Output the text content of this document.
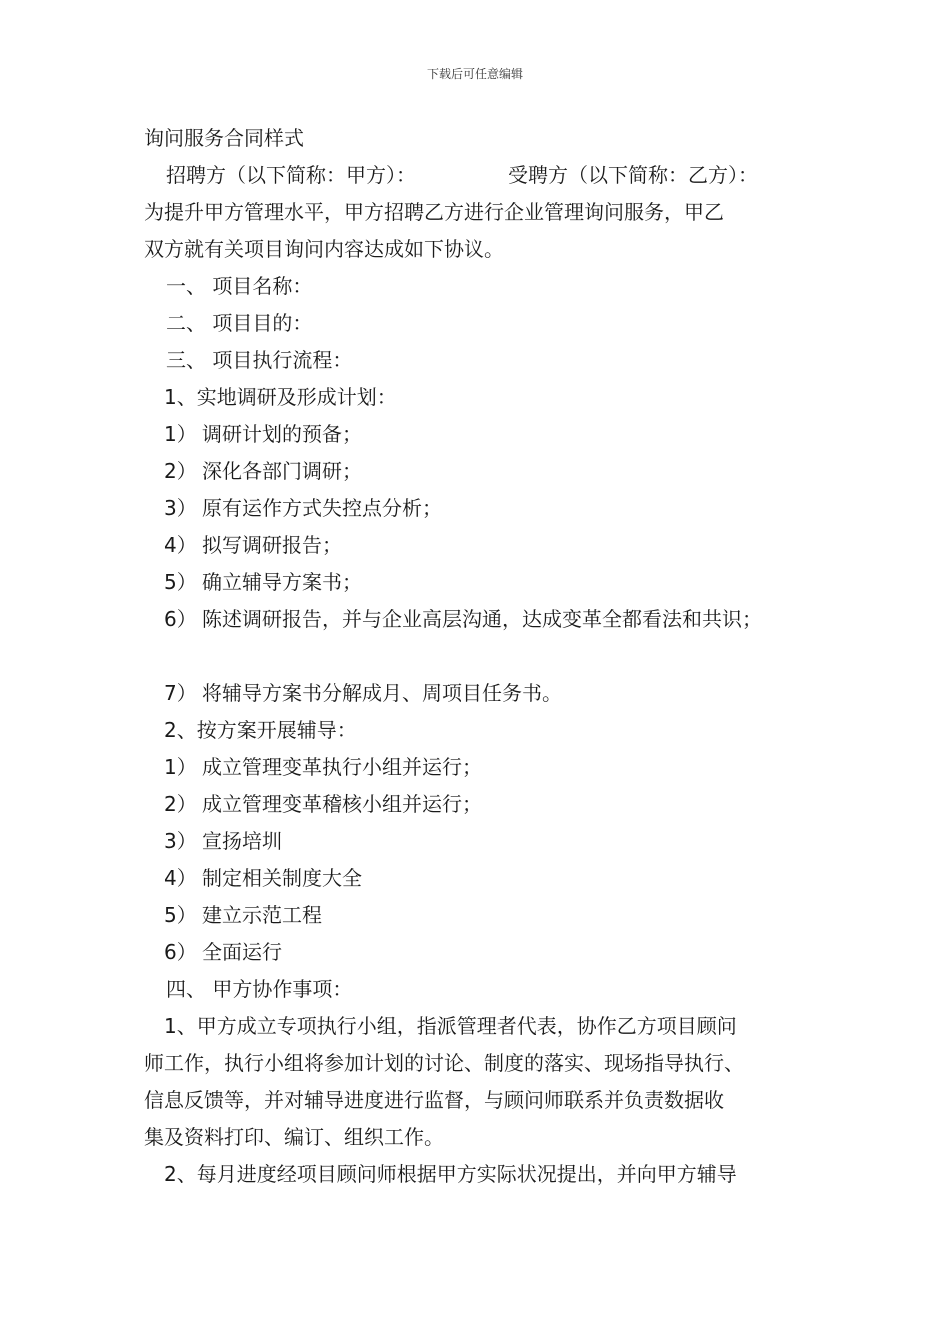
下载后可任意编辑
询问服务合同样式
招聘方（以下简称：甲方）：	受聘方（以下简称：乙方）：
为提升甲方管理水平，甲方招聘乙方进行企业管理询问服务，甲乙
双方就有关项目询问内容达成如下协议。
一、 项目名称：
二、 项目目的：
三、 项目执行流程：
1、实地调研及形成计划：
1） 调研计划的预备；
2） 深化各部门调研；
3） 原有运作方式失控点分析；
4） 拟写调研报告；
5） 确立辅导方案书；
6） 陈述调研报告，并与企业高层沟通，达成变革全都看法和共识；
7） 将辅导方案书分解成月、周项目任务书。
2、按方案开展辅导：
1） 成立管理变革执行小组并运行；
2） 成立管理变革稽核小组并运行；
3） 宣扬培圳
4） 制定相关制度大全
5） 建立示范工程
6） 全面运行
四、 甲方协作事项：
1、甲方成立专项执行小组，指派管理者代表，协作乙方项目顾问
师工作，执行小组将参加计划的讨论、制度的落实、现场指导执行、
信息反馈等，并对辅导进度进行监督，与顾问师联系并负责数据收
集及资料打印、编订、组织工作。
2、每月进度经项目顾问师根据甲方实际状况提出，并向甲方辅导
